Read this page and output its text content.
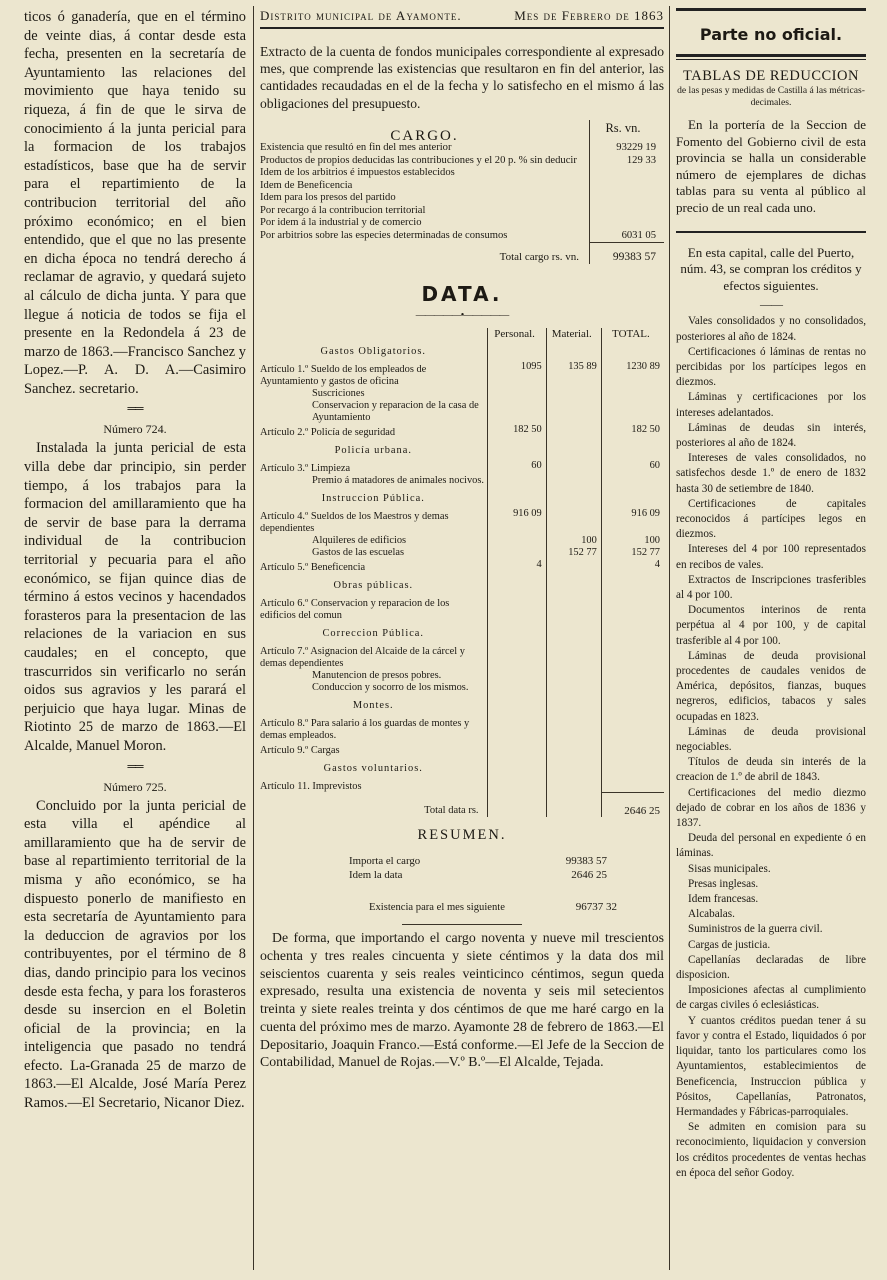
ticos ó ganadería, que en el término de veinte dias, á contar desde esta fecha, presenten en la secretaría de Ayuntamiento las relaciones del movimiento que haya tenido su riqueza, á fin de que le sirva de conocimiento á la junta pericial para la formacion de los trabajos estadísticos, base que ha de servir para el repartimiento de la contribucion territorial del año próximo económico; en el bien entendido, que el que no las presente en dicha época no tendrá derecho á reclamar de agravio, y quedará sujeto al cálculo de dicha junta. Y para que llegue á noticia de todos se fija el presente en la Redondela á 23 de marzo de 1863.—Francisco Sanchez y Lopez.—P. A. D. A.—Casimiro Sanchez. secretario.

══

Número 724.

Instalada la junta pericial de esta villa debe dar principio, sin perder tiempo, á los trabajos para la formacion del amillaramiento que ha de servir de base para la derrama individual de la contribucion territorial y pecuaria para el año económico, se fijan quince dias de término á estos vecinos y hacendados forasteros para la presentacion de las relaciones de la variacion en sus caudales; en el concepto, que trascurridos sin verificarlo no serán oidos sus agravios y les parará el perjuicio que haya lugar. Minas de Riotinto 25 de marzo de 1863.—El Alcalde, Manuel Moron.

══

Número 725.

Concluido por la junta pericial de esta villa el apéndice al amillaramiento que ha de servir de base al repartimiento territorial de la misma y año económico, se ha dispuesto ponerlo de manifiesto en esta secretaría de Ayuntamiento para la deduccion de agravios por los contribuyentes, por el término de 8 dias, dando principio para los vecinos desde esta fecha, y para los forasteros desde su insercion en el Boletin oficial de la provincia; en la inteligencia que pasado no tendrá efecto. La-Granada 25 de marzo de 1863.—El Alcalde, José María Perez Ramos.—El Secretario, Nicanor Diez.

Distrito municipal de Ayamonte.	Mes de Febrero de 1863

Extracto de la cuenta de fondos municipales correspondiente al expresado mes, que comprende las existencias que resultaron en fin del anterior, las cantidades recaudadas en el de la fecha y lo satisfecho en el mismo á las obligaciones del presupuesto.

CARGO.	Rs. vn.
Existencia que resultó en fin del mes anterior	93229 19
Productos de propios deducidas las contribuciones y el 20 p. % sin deducir	129 33
Idem de los arbitrios é impuestos establecidos	
Idem de Beneficencia	
Idem para los presos del partido	
Por recargo á la contribucion territorial	
Por idem á la industrial y de comercio	
Por arbitrios sobre las especies determinadas de consumos	6031 05
Total cargo rs. vn.	99383 57

DATA.

—————•—————
	Personal.	Material.	TOTAL.
Gastos Obligatorios.			
Artículo 1.º Sueldo de los empleados de Ayuntamiento y gastos de oficina	1095	135 89	1230 89
Suscriciones			
Conservacion y reparacion de la casa de Ayuntamiento			
Artículo 2.º Policía de seguridad	182 50		182 50
Policía urbana.			
Artículo 3.º Limpieza	60		60
Premio á matadores de animales nocivos.			
Instruccion Pública.			
Artículo 4.º Sueldos de los Maestros y demas dependientes	916 09		916 09
Alquileres de edificios		100	100
Gastos de las escuelas		152 77	152 77
Artículo 5.º Beneficencia	4		4
Obras públicas.			
Artículo 6.º Conservacion y reparacion de los edificios del comun			
Correccion Pública.			
Artículo 7.º Asignacion del Alcaide de la cárcel y demas dependientes			
Manutencion de presos pobres.			
Conduccion y socorro de los mismos.			
Montes.			
Artículo 8.º Para salario á los guardas de montes y demas empleados.			
Artículo 9.º Cargas			
Gastos voluntarios.			
Artículo 11. Imprevistos			
Total data rs.			2646 25

RESUMEN.

Importa el cargo	99383 57
Idem la data	2646 25
Existencia para el mes siguiente	96737 32

De forma, que importando el cargo noventa y nueve mil trescientos ochenta y tres reales cincuenta y siete céntimos y la data dos mil seiscientos cuarenta y seis reales veinticinco céntimos, segun queda expresado, resulta una existencia de noventa y seis mil setecientos treinta y siete reales treinta y dos céntimos de que me haré cargo en la cuenta del próximo mes de marzo. Ayamonte 28 de febrero de 1863.—El Depositario, Joaquin Franco.—Está conforme.—El Jefe de la Seccion de Contabilidad, Manuel de Rojas.—V.º B.º—El Alcalde, Tejada.

Parte no oficial.

TABLAS DE REDUCCION

de las pesas y medidas de Castilla á las métricas-decimales.

En la portería de la Seccion de Fomento del Gobierno civil de esta provincia se halla un considerable número de ejemplares de dichas tablas para su venta al público al precio de un real cada uno.

En esta capital, calle del Puerto, núm. 43, se compran los créditos y efectos siguientes.

——

Vales consolidados y no consolidados, posteriores al año de 1824.

Certificaciones ó láminas de rentas no percibidas por los partícipes legos en diezmos.

Láminas y certificaciones por los intereses adelantados.

Láminas de deudas sin interés, posteriores al año de 1824.

Intereses de vales consolidados, no satisfechos desde 1.º de enero de 1832 hasta 30 de setiembre de 1840.

Certificaciones de capitales reconocidos á partícipes legos en diezmos.

Intereses del 4 por 100 representados en recibos de vales.

Extractos de Inscripciones trasferibles al 4 por 100.

Documentos interinos de renta perpétua al 4 por 100, y de capital trasferible al 4 por 100.

Láminas de deuda provisional procedentes de caudales venidos de América, depósitos, fianzas, buques negreros, edificios, tabacos y sales ocupadas en 1823.

Láminas de deuda provisional negociables.

Títulos de deuda sin interés de la creacion de 1.º de abril de 1843.

Certificaciones del medio diezmo dejado de cobrar en los años de 1836 y 1837.

Deuda del personal en expediente ó en láminas.

Sisas municipales.

Presas inglesas.

Idem francesas.

Alcabalas.

Suministros de la guerra civil.

Cargas de justicia.

Capellanías declaradas de libre disposicion.

Imposiciones afectas al cumplimiento de cargas civiles ó eclesiásticas.

Y cuantos créditos puedan tener á su favor y contra el Estado, liquidados ó por liquidar, tanto los particulares como los Ayuntamientos, establecimientos de Beneficencia, Instruccion pública y Pósitos, Capellanías, Patronatos, Hermandades y Fábricas-parroquiales.

Se admiten en comision para su reconocimiento, liquidacion y conversion los créditos procedentes de ventas hechas en época del señor Godoy.
